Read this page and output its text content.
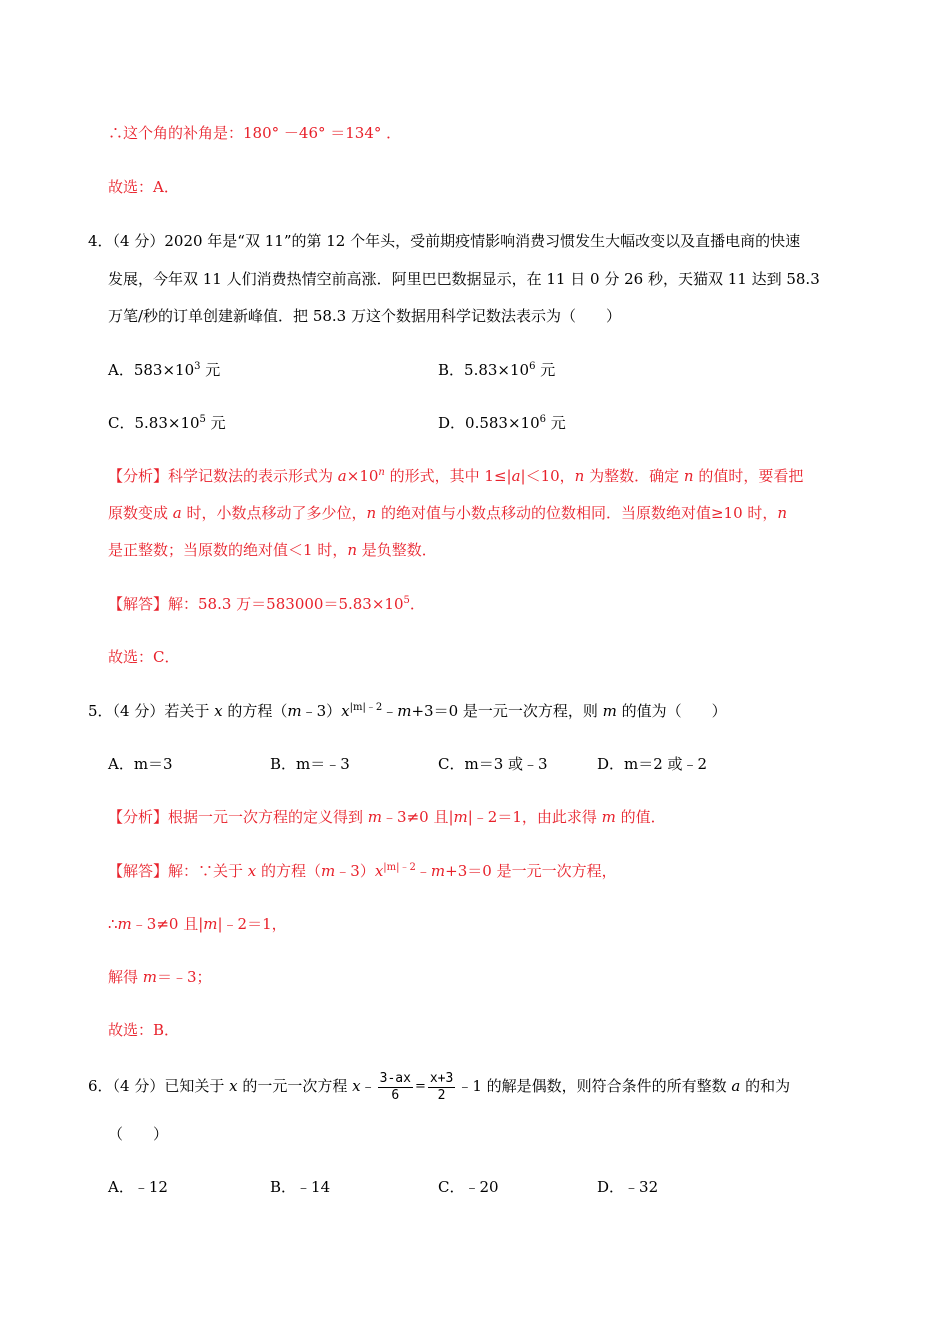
∴这个角的补角是：180° －46° ＝134° ．
故选：A．
4．（4 分）2020 年是“双 11”的第 12 个年头，受前期疫情影响消费习惯发生大幅改变以及直播电商的快速
发展，今年双 11 人们消费热情空前高涨．阿里巴巴数据显示，在 11 日 0 分 26 秒，天猫双 11 达到 58.3
万笔/秒的订单创建新峰值．把 58.3 万这个数据用科学记数法表示为（　　）
A．$583\times 10^3$ 元	B．$5.83\times 10^6$ 元
C．$5.83\times 10^5$ 元	D．$0.583\times 10^6$ 元
【分析】科学记数法的表示形式为 $a\times 10^n$ 的形式，其中 1≤|a|＜10，n 为整数．确定 n 的值时，要看把
原数变成 a 时，小数点移动了多少位，n 的绝对值与小数点移动的位数相同．当原数绝对值≥10 时，n
是正整数；当原数的绝对值＜1 时，n 是负整数．
【解答】解：58.3 万$=583000=5.83\times 10^5$．
故选：C．
5．（4 分）若关于 x 的方程$(m﹣3)x^{|m|﹣2}﹣m+3=0$ 是一元一次方程，则 m 的值为（　　）
A．m＝3	B．m＝﹣3	C．m＝3 或﹣3	D．m＝2 或﹣2
【分析】根据一元一次方程的定义得到 m﹣3≠0 且|m|﹣2＝1，由此求得 m 的值．
【解答】解：∵关于 x 的方程$(m﹣3)x^{|m|﹣2}﹣m+3=0$ 是一元一次方程，
∴m﹣3≠0 且|m|﹣2＝1，
解得 m＝﹣3；
故选：B．
6．（4 分）已知关于 x 的一元一次方程 x﹣ $\frac{3-ax}{6} = \frac{x+3}{2}$ ﹣1 的解是偶数，则符合条件的所有整数 a 的和为
（　　）
A．﹣12	B．﹣14	C．﹣20	D．﹣32
